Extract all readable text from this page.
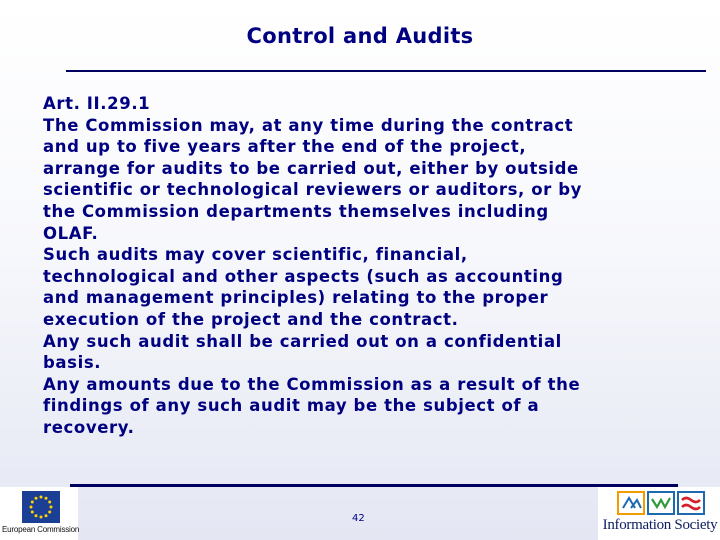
Control and Audits

Art. II.29.1

The Commission may, at any time during the contract
and up to five years after the end of the project,
arrange for audits to be carried out, either by outside
scientific or technological reviewers or auditors, or by
the Commission departments themselves including
OLAF.

Such audits may cover scientific, financial,
technological and other aspects (such as accounting
and management principles) relating to the proper
execution of the project and the contract.

Any such audit shall be carried out on a confidential
basis.

Any amounts due to the Commission as a result of the
findings of any such audit may be the subject of a
recovery.

42
European Commission	Information Society
